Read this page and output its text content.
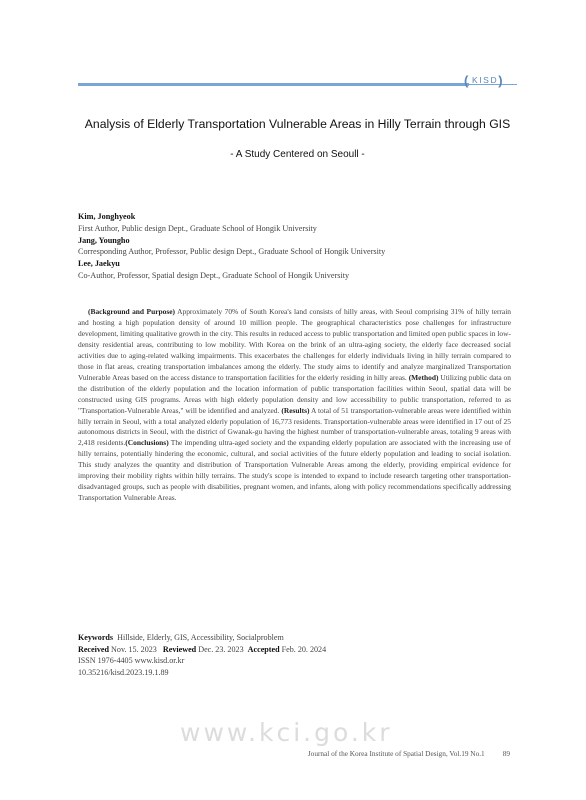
( KISD )
Analysis of Elderly Transportation Vulnerable Areas in Hilly Terrain through GIS
- A Study Centered on Seoull -
Kim, Jonghyeok
First Author, Public design Dept., Graduate School of Hongik University
Jang, Youngho
Corresponding Author, Professor, Public design Dept., Graduate School of Hongik University
Lee, Jaekyu
Co-Author, Professor, Spatial design Dept., Graduate School of Hongik University
(Background and Purpose) Approximately 70% of South Korea's land consists of hilly areas, with Seoul comprising 31% of hilly terrain and hosting a high population density of around 10 million people. The geographical characteristics pose challenges for infrastructure development, limiting qualitative growth in the city. This results in reduced access to public transportation and limited open public spaces in low-density residential areas, contributing to low mobility. With Korea on the brink of an ultra-aging society, the elderly face decreased social activities due to aging-related walking impairments. This exacerbates the challenges for elderly individuals living in hilly terrain compared to those in flat areas, creating transportation imbalances among the elderly. The study aims to identify and analyze marginalized Transportation Vulnerable Areas based on the access distance to transportation facilities for the elderly residing in hilly areas. (Method) Utilizing public data on the distribution of the elderly population and the location information of public transportation facilities within Seoul, spatial data will be constructed using GIS programs. Areas with high elderly population density and low accessibility to public transportation, referred to as "Transportation-Vulnerable Areas," will be identified and analyzed. (Results) A total of 51 transportation-vulnerable areas were identified within hilly terrain in Seoul, with a total analyzed elderly population of 16,773 residents. Transportation-vulnerable areas were identified in 17 out of 25 autonomous districts in Seoul, with the district of Gwanak-gu having the highest number of transportation-vulnerable areas, totaling 9 areas with 2,418 residents.(Conclusions) The impending ultra-aged society and the expanding elderly population are associated with the increasing use of hilly terrains, potentially hindering the economic, cultural, and social activities of the future elderly population and leading to social isolation. This study analyzes the quantity and distribution of Transportation Vulnerable Areas among the elderly, providing empirical evidence for improving their mobility rights within hilly terrains. The study's scope is intended to expand to include research targeting other transportation-disadvantaged groups, such as people with disabilities, pregnant women, and infants, along with policy recommendations specifically addressing Transportation Vulnerable Areas.
Keywords Hillside, Elderly, GIS, Accessibility, Socialproblem
Received Nov. 15. 2023 Reviewed Dec. 23. 2023 Accepted Feb. 20. 2024
ISSN 1976-4405 www.kisd.or.kr
10.35216/kisd.2023.19.1.89
www.kci.go.kr
Journal of the Korea Institute of Spatial Design, Vol.19 No.1 89
